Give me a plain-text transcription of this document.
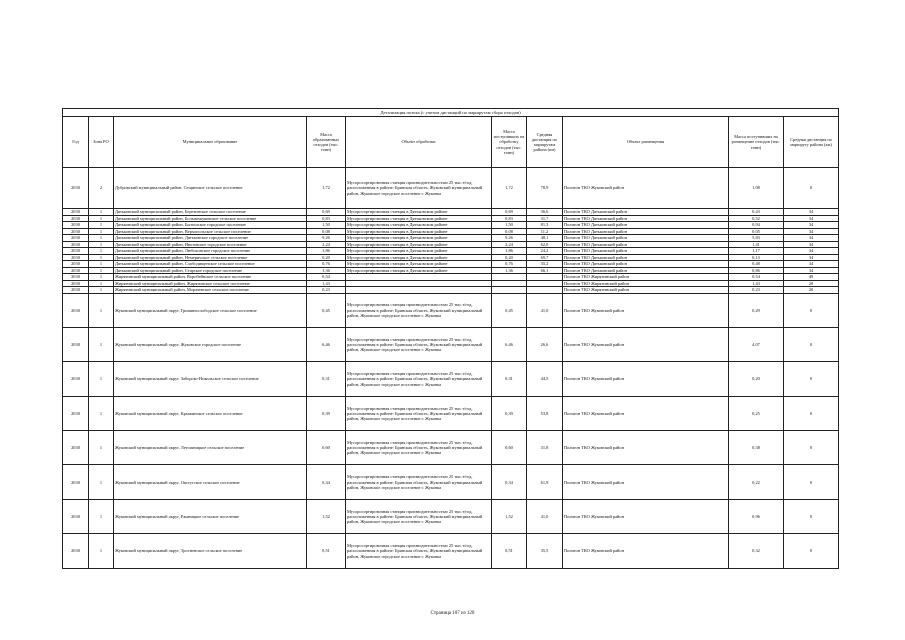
Детализация потока (с учетом дистанций по маршрутам сбора отходов)									
Год	Зона РО	Муниципальное образование	Масса образованных отходов (тыс. тонн)	Объект обработки	Масса поступивших на обработку отходов (тыс. тонн)	Средняя дистанция по маршрутам района (км)	Объект размещения	Масса поступивших на размещение отходов (тыс. тонн)	Средняя дистанция по маршруту района (км)
2030	2	Дубровский муниципальный район, Сещинское сельское поселение	1,72	Мусоросортировочная станция производительностью 25 тыс.т/год, расположенная в районе: Брянская область, Жуковский муниципальный район, Жуковское городское поселение г. Жуковка	1,72	78,9	Полигон ТКО Жуковский район	1,08	0
2030	1	Дятьковский муниципальный район, Березинское сельское поселение	0,69	Мусоросортировочная станция в Дятьковском районе	0,69	36,6	Полигон ТКО Дятьковский район	0,43	34
2030	1	Дятьковский муниципальный район, Большежуковское сельское поселение	0,83	Мусоросортировочная станция в Дятьковском районе	0,83	31,7	Полигон ТКО Дятьковский район	0,52	34
2030	1	Дятьковский муниципальный район, Бытошское городское поселение	1,50	Мусоросортировочная станция в Дятьковском районе	1,50	81,3	Полигон ТКО Дятьковский район	0,94	34
2030	1	Дятьковский муниципальный район, Верхопольское сельское поселение	0,08	Мусоросортировочная станция в Дятьковском районе	0,08	11,2	Полигон ТКО Дятьковский район	0,05	34
2030	1	Дятьковский муниципальный район, Дятьковское городское поселение	9,26	Мусоросортировочная станция в Дятьковском районе	9,26	48,1	Полигон ТКО Дятьковский район	5,83	34
2030	1	Дятьковский муниципальный район, Ивотовское городское поселение	2,24	Мусоросортировочная станция в Дятьковском районе	2,24	62,0	Полигон ТКО Дятьковский район	1,41	34
2030	1	Дятьковский муниципальный район, Любохонское городское поселение	1,86	Мусоросортировочная станция в Дятьковском районе	1,86	24,2	Полигон ТКО Дятьковский район	1,17	34
2030	1	Дятьковский муниципальный район, Немеричское сельское поселение	0,20	Мусоросортировочная станция в Дятьковском районе	0,20	69,7	Полигон ТКО Дятьковский район	0,13	34
2030	1	Дятьковский муниципальный район, Слободищенское сельское поселение	0,76	Мусоросортировочная станция в Дятьковском районе	0,76	35,2	Полигон ТКО Дятьковский район	0,48	34
2030	1	Дятьковский муниципальный район, Старское городское поселение	1,36	Мусоросортировочная станция в Дятьковском районе	1,36	66,1	Полигон ТКО Дятьковский район	0,86	34
2030	1	Жирятинский муниципальный район, Воробейнское сельское поселение	0,54				Полигон ТКО Жирятинский район	0,54	49
2030	1	Жирятинский муниципальный район, Жирятинское сельское поселение	1,43				Полигон ТКО Жирятинский район	1,43	20
2030	1	Жирятинский муниципальный район, Морачевское сельское поселение	0,23				Полигон ТКО Жирятинский район	0,23	20
2030	1	Жуковский муниципальный округ, Гришинослободское сельское поселение	0,45	Мусоросортировочная станция производительностью 25 тыс.т/год, расположенная в районе: Брянская область, Жуковский муниципальный район, Жуковское городское поселение г. Жуковка	0,45	41,0	Полигон ТКО Жуковский район	0,29	0
2030	1	Жуковский муниципальный округ, Жуковское городское поселение	6,46	Мусоросортировочная станция производительностью 25 тыс.т/год, расположенная в районе: Брянская область, Жуковский муниципальный район, Жуковское городское поселение г. Жуковка	6,46	26,6	Полигон ТКО Жуковский район	4,07	0
2030	1	Жуковский муниципальный округ, Заборско-Никольское сельское поселение	0,31	Мусоросортировочная станция производительностью 25 тыс.т/год, расположенная в районе: Брянская область, Жуковский муниципальный район, Жуковское городское поселение г. Жуковка	0,31	44,5	Полигон ТКО Жуковский район	0,20	0
2030	1	Жуковский муниципальный округ, Крыжинское сельское поселение	0,39	Мусоросортировочная станция производительностью 25 тыс.т/год, расположенная в районе: Брянская область, Жуковский муниципальный район, Жуковское городское поселение г. Жуковка	0,39	53,8	Полигон ТКО Жуковский район	0,25	0
2030	1	Жуковский муниципальный округ, Летошницкое сельское поселение	0,60	Мусоросортировочная станция производительностью 25 тыс.т/год, расположенная в районе: Брянская область, Жуковский муниципальный район, Жуковское городское поселение г. Жуковка	0,60	31,8	Полигон ТКО Жуковский район	0,38	0
2030	1	Жуковский муниципальный округ, Овстугское сельское поселение	0,34	Мусоросортировочная станция производительностью 25 тыс.т/год, расположенная в районе: Брянская область, Жуковский муниципальный район, Жуковское городское поселение г. Жуковка	0,34	61,9	Полигон ТКО Жуковский район	0,22	0
2030	1	Жуковский муниципальный округ, Ржаницкое сельское поселение	1,52	Мусоросортировочная станция производительностью 25 тыс.т/год, расположенная в районе: Брянская область, Жуковский муниципальный район, Жуковское городское поселение г. Жуковка	1,52	41,0	Полигон ТКО Жуковский район	0,96	0
2030	1	Жуковский муниципальный округ, Тросненское сельское поселение	0,51	Мусоросортировочная станция производительностью 25 тыс.т/год, расположенная в районе: Брянская область, Жуковский муниципальный район, Жуковское городское поселение г. Жуковка	0,51	35,5	Полигон ТКО Жуковский район	0,32	0
Страница 107 из 120
